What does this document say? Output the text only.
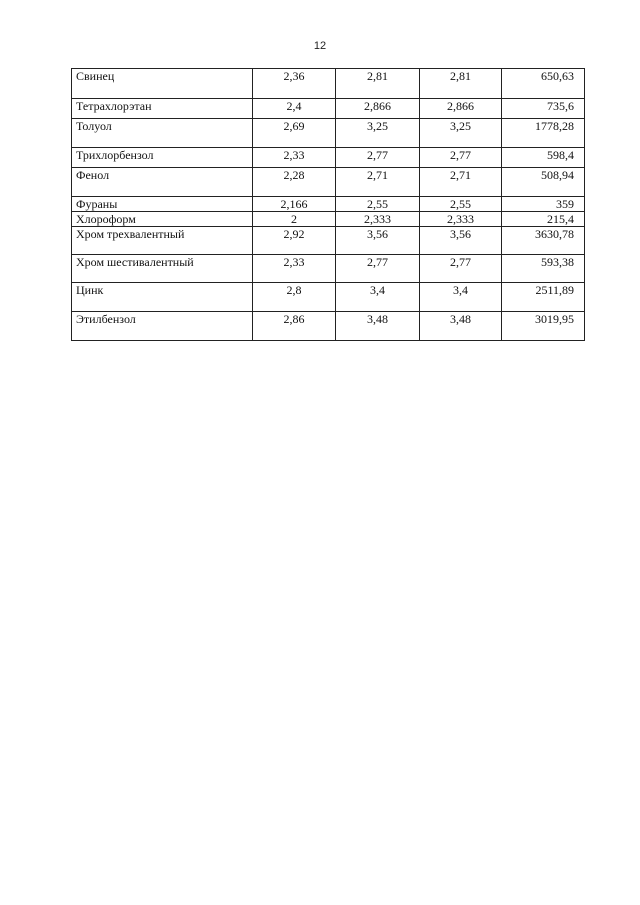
12
Свинец	2,36	2,81	2,81	650,63
Тетрахлорэтан	2,4	2,866	2,866	735,6
Толуол	2,69	3,25	3,25	1778,28
Трихлорбензол	2,33	2,77	2,77	598,4
Фенол	2,28	2,71	2,71	508,94
Фураны	2,166	2,55	2,55	359
Хлороформ	2	2,333	2,333	215,4
Хром трехвалентный	2,92	3,56	3,56	3630,78
Хром шестивалентный	2,33	2,77	2,77	593,38
Цинк	2,8	3,4	3,4	2511,89
Этилбензол	2,86	3,48	3,48	3019,95
